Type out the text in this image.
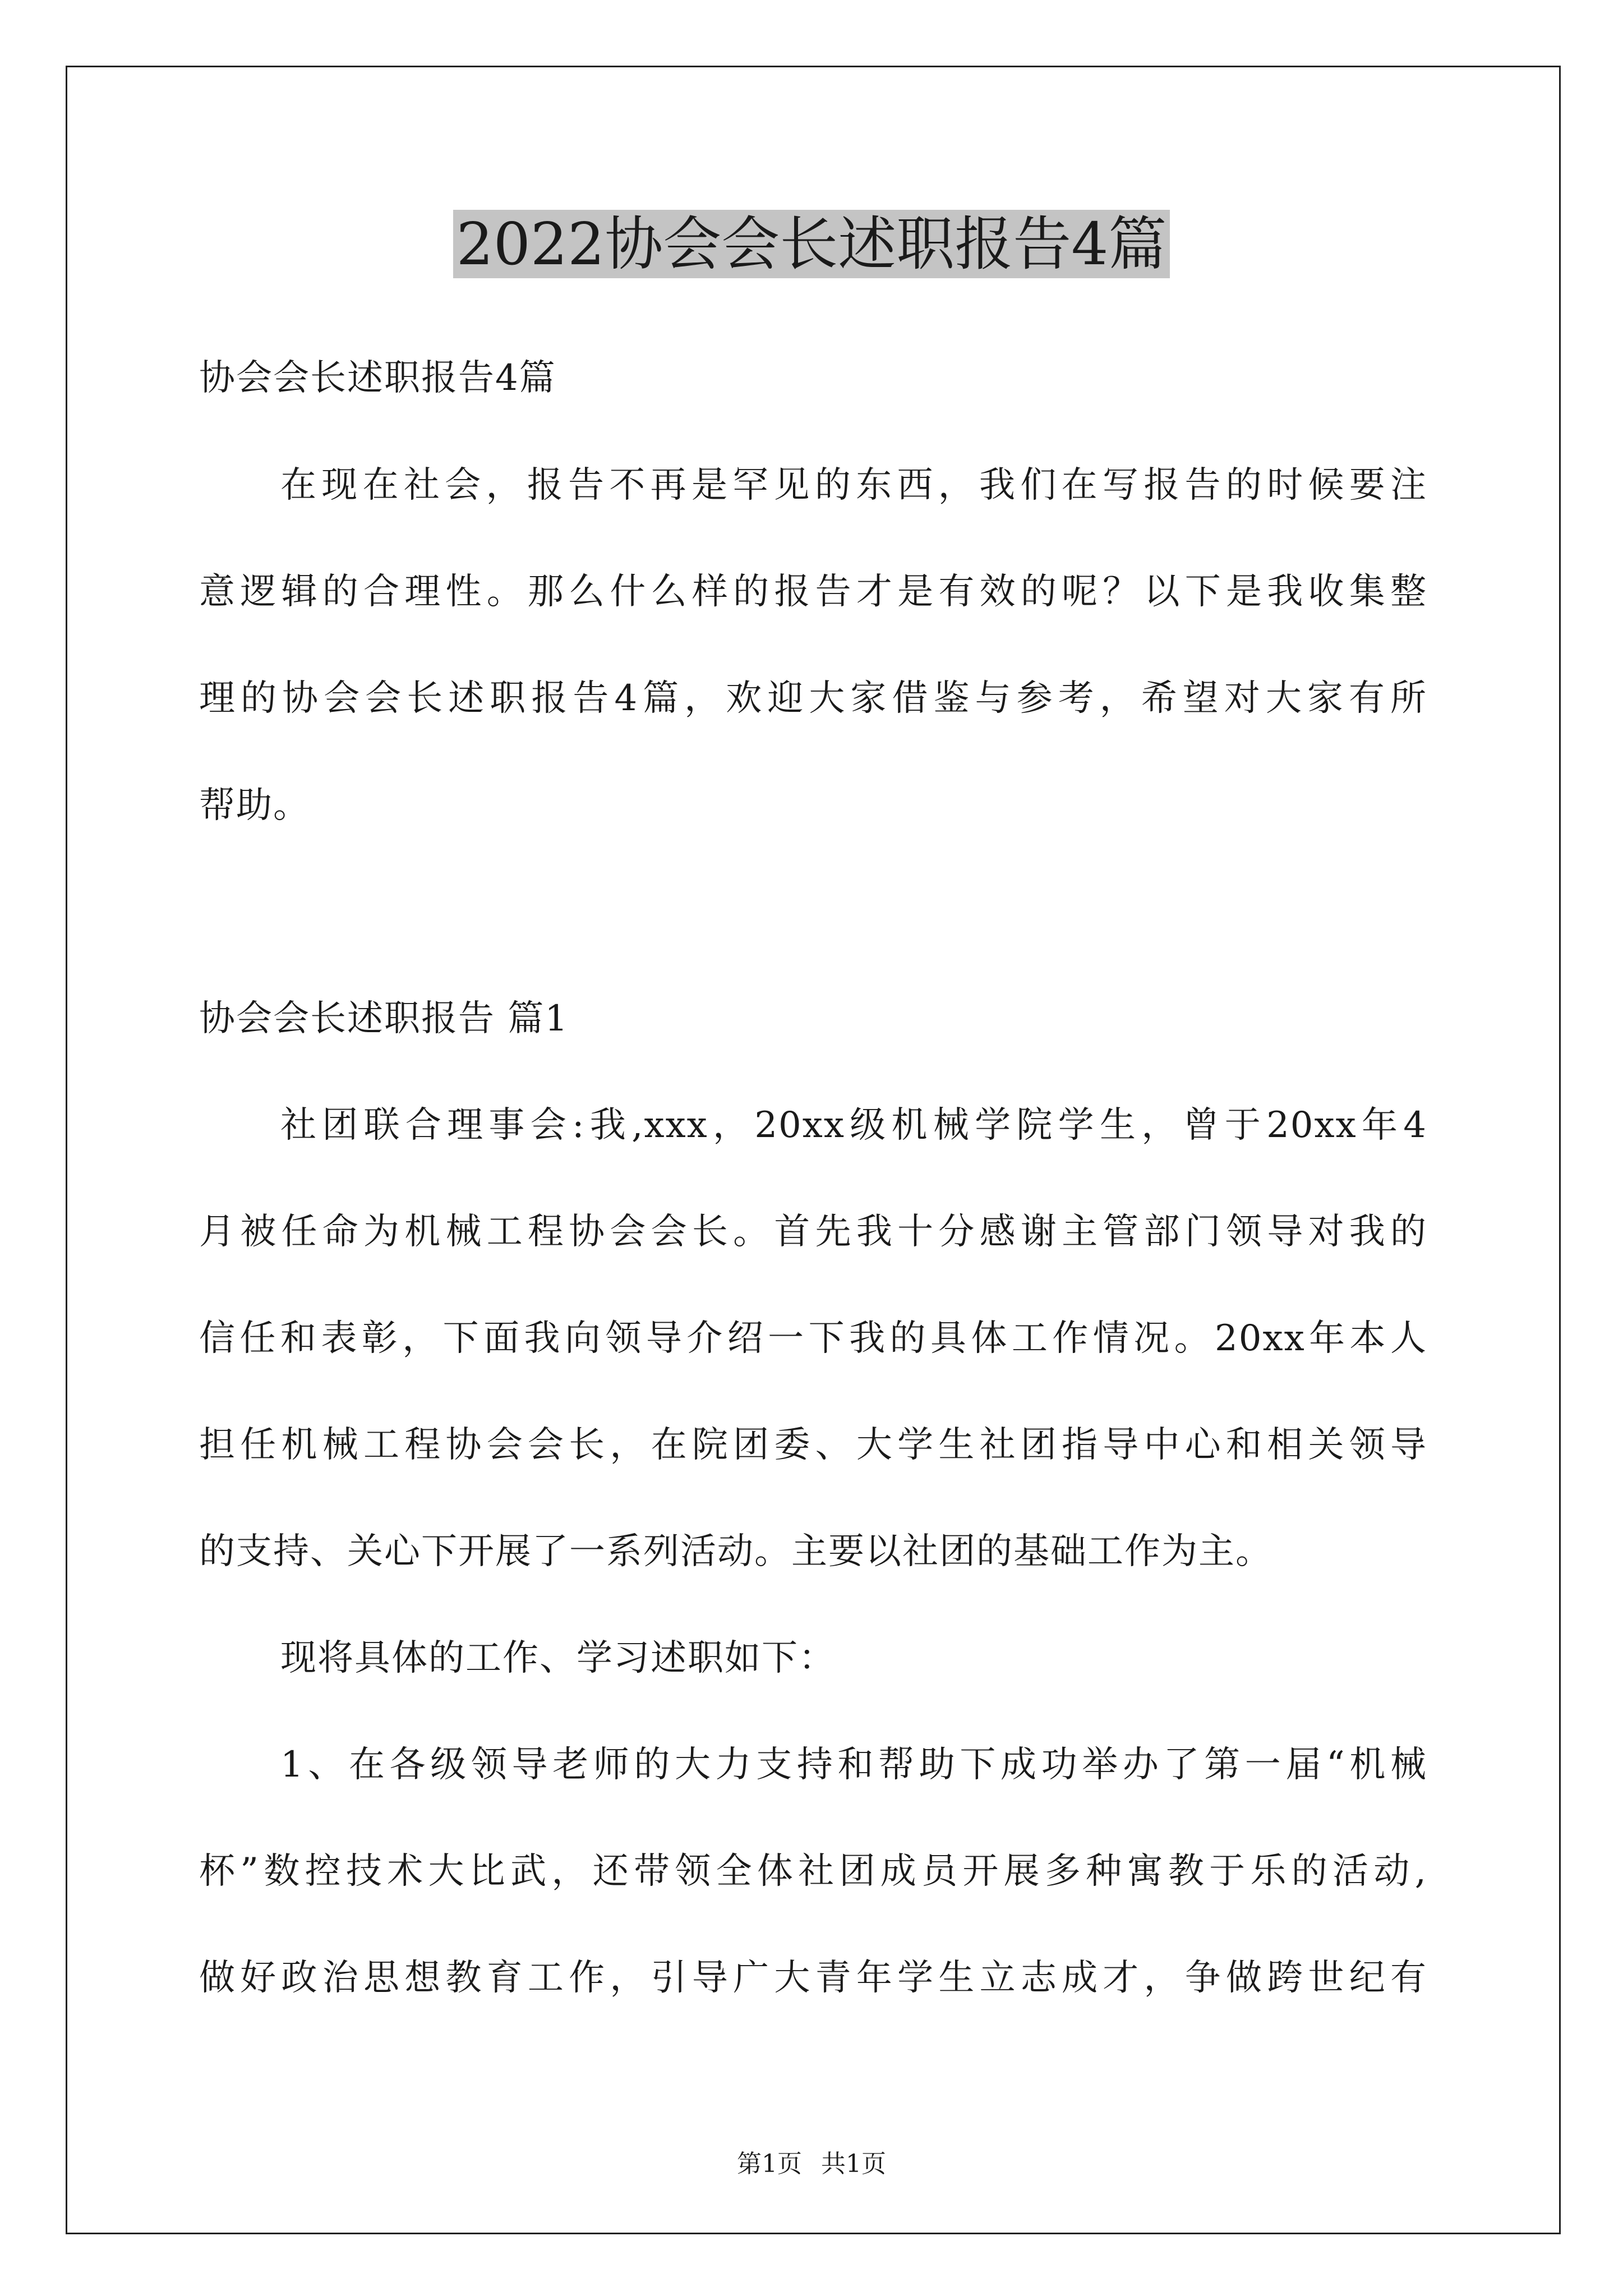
2022协会会长述职报告4篇
协会会长述职报告4篇
在现在社会，报告不再是罕见的东西，我们在写报告的时候要注
意逻辑的合理性。那么什么样的报告才是有效的呢？以下是我收集整
理的协会会长述职报告4篇，欢迎大家借鉴与参考，希望对大家有所
帮助。
协会会长述职报告 篇1
社团联合理事会:我,xxx，20xx级机械学院学生，曾于20xx年4
月被任命为机械工程协会会长。首先我十分感谢主管部门领导对我的
信任和表彰，下面我向领导介绍一下我的具体工作情况。20xx年本人
担任机械工程协会会长，在院团委、大学生社团指导中心和相关领导
的支持、关心下开展了一系列活动。主要以社团的基础工作为主。
现将具体的工作、学习述职如下：
1、在各级领导老师的大力支持和帮助下成功举办了第一届“机械
杯”数控技术大比武，还带领全体社团成员开展多种寓教于乐的活动,
做好政治思想教育工作，引导广大青年学生立志成才，争做跨世纪有
第1页 共1页
